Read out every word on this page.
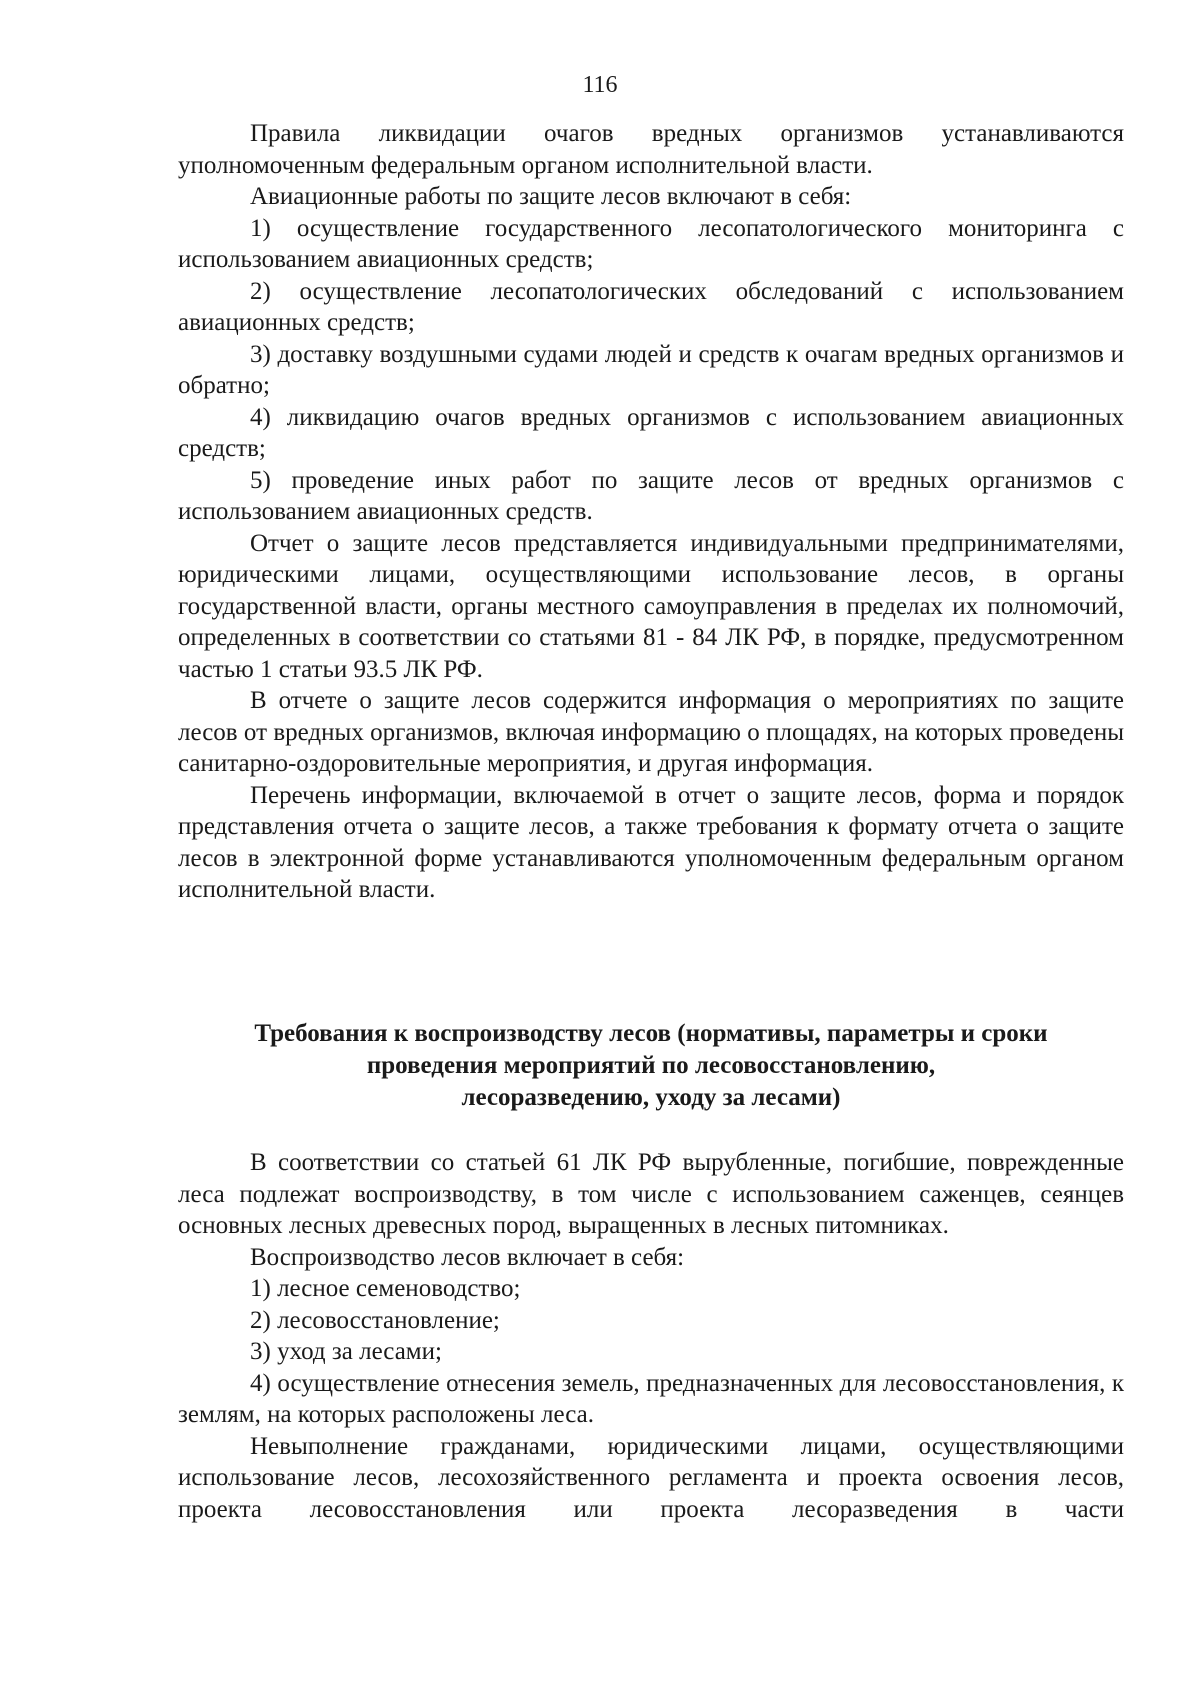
116

Правила ликвидации очагов вредных организмов устанавливаются уполномоченным федеральным органом исполнительной власти.

Авиационные работы по защите лесов включают в себя:

1) осуществление государственного лесопатологического мониторинга с использованием авиационных средств;

2) осуществление лесопатологических обследований с использованием авиационных средств;

3) доставку воздушными судами людей и средств к очагам вредных организмов и обратно;

4) ликвидацию очагов вредных организмов с использованием авиационных средств;

5) проведение иных работ по защите лесов от вредных организмов с использованием авиационных средств.

Отчет о защите лесов представляется индивидуальными предпринимателями, юридическими лицами, осуществляющими использование лесов, в органы государственной власти, органы местного самоуправления в пределах их полномочий, определенных в соответствии со статьями 81 - 84 ЛК РФ, в порядке, предусмотренном частью 1 статьи 93.5 ЛК РФ.

В отчете о защите лесов содержится информация о мероприятиях по защите лесов от вредных организмов, включая информацию о площадях, на которых проведены санитарно-оздоровительные мероприятия, и другая информация.

Перечень информации, включаемой в отчет о защите лесов, форма и порядок представления отчета о защите лесов, а также требования к формату отчета о защите лесов в электронной форме устанавливаются уполномоченным федеральным органом исполнительной власти.

Требования к воспроизводству лесов (нормативы, параметры и сроки
проведения мероприятий по лесовосстановлению,
лесоразведению, уходу за лесами)

В соответствии со статьей 61 ЛК РФ вырубленные, погибшие, поврежденные леса подлежат воспроизводству, в том числе с использованием саженцев, сеянцев основных лесных древесных пород, выращенных в лесных питомниках.

Воспроизводство лесов включает в себя:

1) лесное семеноводство;

2) лесовосстановление;

3) уход за лесами;

4) осуществление отнесения земель, предназначенных для лесовосстановления, к землям, на которых расположены леса.

Невыполнение гражданами, юридическими лицами, осуществляющими использование лесов, лесохозяйственного регламента и проекта освоения лесов, проекта лесовосстановления или проекта лесоразведения в части
